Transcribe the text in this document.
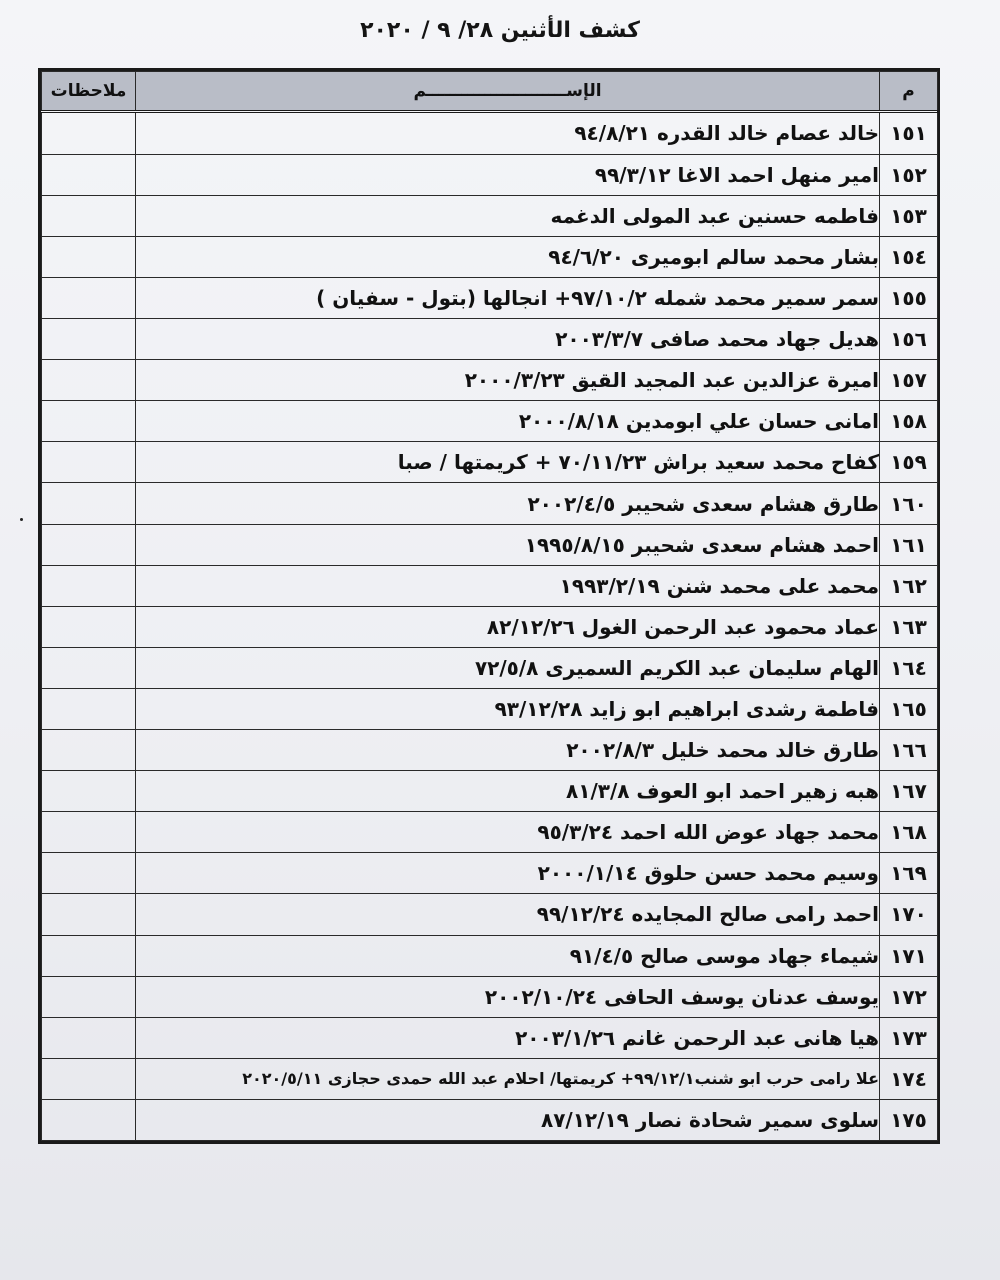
كشف الأثنين ٢٨/ ٩ / ٢٠٢٠
م	الإســــــــــــــــــــــــم	ملاحظات
١٥١	خالد عصام خالد القدره ٩٤/٨/٢١	
١٥٢	امير منهل احمد الاغا ٩٩/٣/١٢	
١٥٣	فاطمه حسنين عبد المولى الدغمه	
١٥٤	بشار محمد سالم ابوميرى ٩٤/٦/٢٠	
١٥٥	سمر سمير محمد شمله ٩٧/١٠/٢+ انجالها (بتول - سفيان )	
١٥٦	هديل جهاد محمد صافى ٢٠٠٣/٣/٧	
١٥٧	اميرة عزالدين عبد المجيد القيق ٢٠٠٠/٣/٢٣	
١٥٨	امانى حسان علي ابومدين ٢٠٠٠/٨/١٨	
١٥٩	كفاح محمد سعيد براش ٧٠/١١/٢٣ + كريمتها / صبا	
١٦٠	طارق هشام سعدى شحيبر ٢٠٠٢/٤/٥	
١٦١	احمد هشام سعدى شحيبر ١٩٩٥/٨/١٥	
١٦٢	محمد على محمد شنن ١٩٩٣/٢/١٩	
١٦٣	عماد محمود عبد الرحمن الغول ٨٢/١٢/٢٦	
١٦٤	الهام سليمان عبد الكريم السميرى ٧٢/٥/٨	
١٦٥	فاطمة رشدى ابراهيم ابو زايد ٩٣/١٢/٢٨	
١٦٦	طارق خالد محمد خليل ٢٠٠٢/٨/٣	
١٦٧	هبه زهير احمد ابو العوف ٨١/٣/٨	
١٦٨	محمد جهاد عوض الله احمد ٩٥/٣/٢٤	
١٦٩	وسيم محمد حسن حلوق ٢٠٠٠/١/١٤	
١٧٠	احمد رامى صالح المجايده ٩٩/١٢/٢٤	
١٧١	شيماء جهاد موسى صالح ٩١/٤/٥	
١٧٢	يوسف عدنان يوسف الحافى ٢٠٠٢/١٠/٢٤	
١٧٣	هيا هانى عبد الرحمن غانم ٢٠٠٣/١/٢٦	
١٧٤	علا رامى حرب ابو شنب٩٩/١٢/١+ كريمتها/ احلام عبد الله حمدى حجازى ٢٠٢٠/٥/١١	
١٧٥	سلوى سمير شحادة نصار ٨٧/١٢/١٩	
